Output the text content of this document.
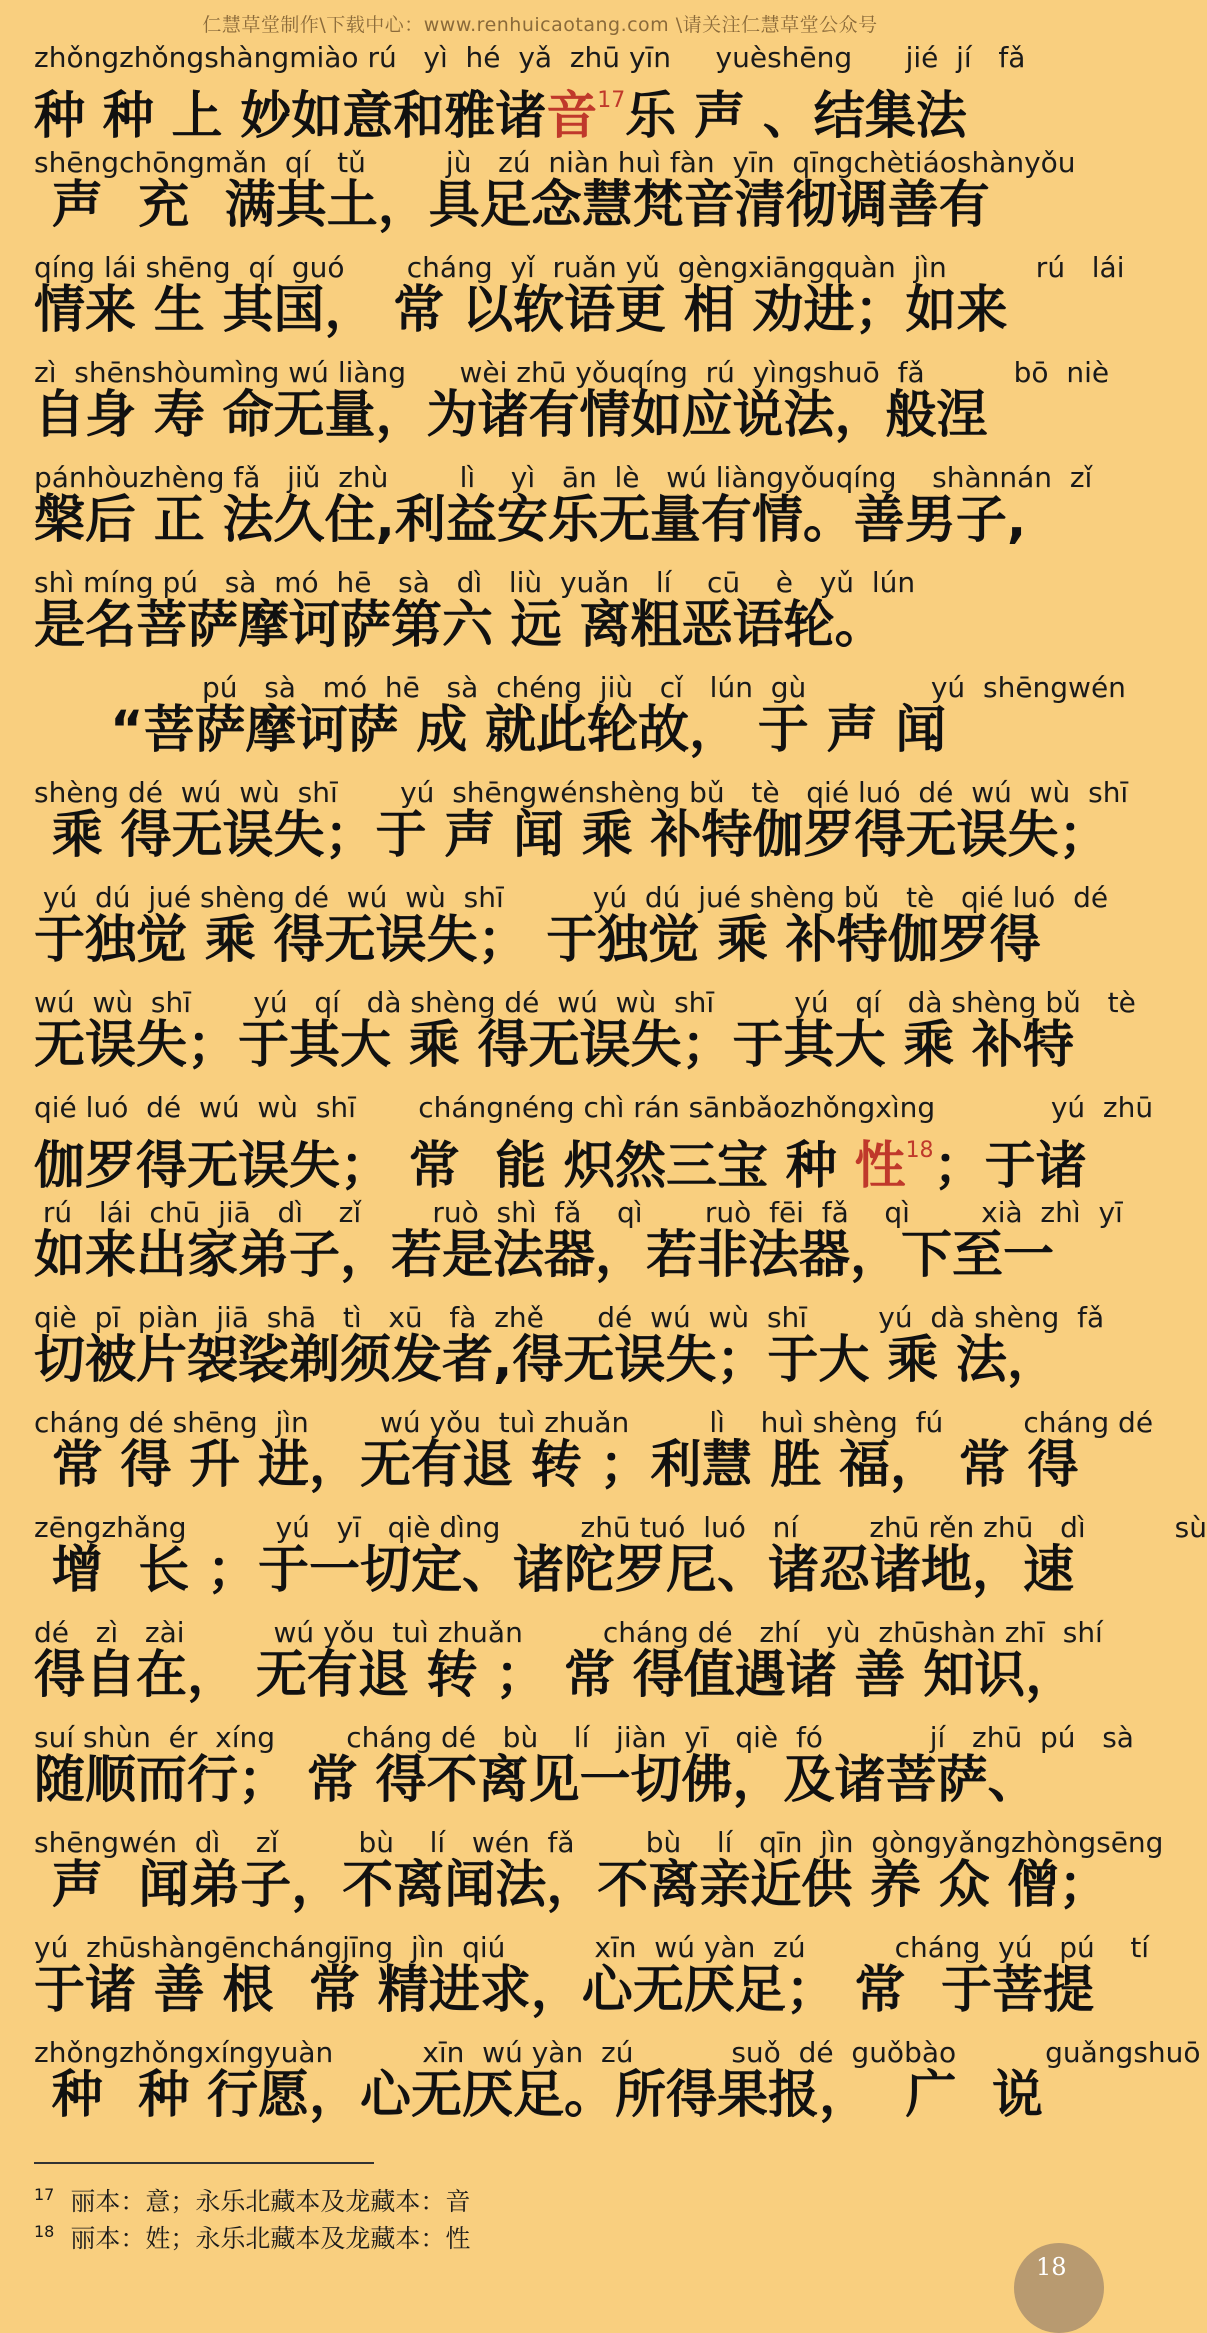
仁慧草堂制作\下载中心：www.renhuicaotang.com \请关注仁慧草堂公众号
zhǒngzhǒngshàngmiào rú   yì  hé  yǎ  zhū yīn     yuèshēng      jié  jí   fǎ
种 种 上 妙如意和雅诸音$^{17}$乐 声 、结集法
shēngchōngmǎn  qí   tǔ         jù   zú  niàn huì fàn  yīn  qīngchètiáoshànyǒu
声  充  满其土，具足念慧梵音清彻调善有
qíng lái shēng  qí  guó       cháng  yǐ  ruǎn yǔ  gèngxiāngquàn  jìn          rú   lái
情来 生 其国， 常 以软语更 相 劝进；如来
zì  shēnshòumìng wú liàng      wèi zhū yǒuqíng  rú  yìngshuō  fǎ          bō  niè
自身 寿 命无量，为诸有情如应说法，般涅
pánhòuzhèng fǎ   jiǔ  zhù        lì    yì   ān  lè   wú liàngyǒuqíng    shànnán  zǐ
槃后 正 法久住,利益安乐无量有情。善男子,
shì míng pú   sà  mó  hē   sà   dì   liù  yuǎn   lí    cū    è   yǔ  lún
是名菩萨摩诃萨第六 远 离粗恶语轮。
pú   sà   mó  hē   sà  chéng  jiù   cǐ   lún  gù              yú  shēngwén
“菩萨摩诃萨 成 就此轮故， 于 声 闻
shèng dé  wú  wù  shī       yú  shēngwénshèng bǔ   tè   qié luó  dé  wú  wù  shī
乘 得无误失；于 声 闻 乘 补特伽罗得无误失；
yú  dú  jué shèng dé  wú  wù  shī          yú  dú  jué shèng bǔ   tè   qié luó  dé
于独觉 乘 得无误失； 于独觉 乘 补特伽罗得
wú  wù  shī       yú   qí   dà shèng dé  wú  wù  shī         yú   qí   dà shèng bǔ   tè
无误失；于其大 乘 得无误失；于其大 乘 补特
qié luó  dé  wú  wù  shī       chángnéng chì rán sānbǎozhǒngxìng             yú  zhū
伽罗得无误失； 常  能 炽然三宝 种 性$^{18}$；于诸
rú   lái  chū  jiā   dì    zǐ        ruò  shì  fǎ    qì       ruò  fēi  fǎ    qì        xià  zhì  yī
如来出家弟子，若是法器，若非法器，下至一
qiè  pī  piàn  jiā  shā   tì   xū   fà  zhě      dé  wú  wù  shī        yú  dà shèng  fǎ
切被片袈裟剃须发者,得无误失；于大 乘 法，
cháng dé shēng  jìn        wú yǒu  tuì zhuǎn         lì    huì shèng  fú         cháng dé
常 得 升 进，无有退 转 ；利慧 胜 福， 常 得
zēngzhǎng          yú   yī   qiè dìng         zhū tuó  luó   ní        zhū rěn zhū   dì          sù
增  长 ；于一切定、诸陀罗尼、诸忍诸地，速
dé   zì   zài          wú yǒu  tuì zhuǎn         cháng dé   zhí   yù  zhūshàn zhī  shí
得自在， 无有退 转 ； 常 得值遇诸 善 知识，
suí shùn  ér  xíng        cháng dé   bù    lí   jiàn  yī   qiè  fó            jí   zhū  pú   sà
随顺而行； 常 得不离见一切佛，及诸菩萨、
shēngwén  dì    zǐ         bù    lí   wén  fǎ        bù    lí   qīn  jìn  gòngyǎngzhòngsēng
声  闻弟子，不离闻法，不离亲近供 养 众 僧；
yú  zhūshàngēnchángjīng  jìn  qiú          xīn  wú yàn  zú          cháng  yú   pú    tí
于诸 善 根  常 精进求，心无厌足； 常  于菩提
zhǒngzhǒngxíngyuàn          xīn  wú yàn  zú           suǒ  dé  guǒbào          guǎngshuō
种  种 行愿，心无厌足。所得果报，  广  说
$^{17}$ 丽本：意；永乐北藏本及龙藏本：音
$^{18}$ 丽本：姓；永乐北藏本及龙藏本：性
18
